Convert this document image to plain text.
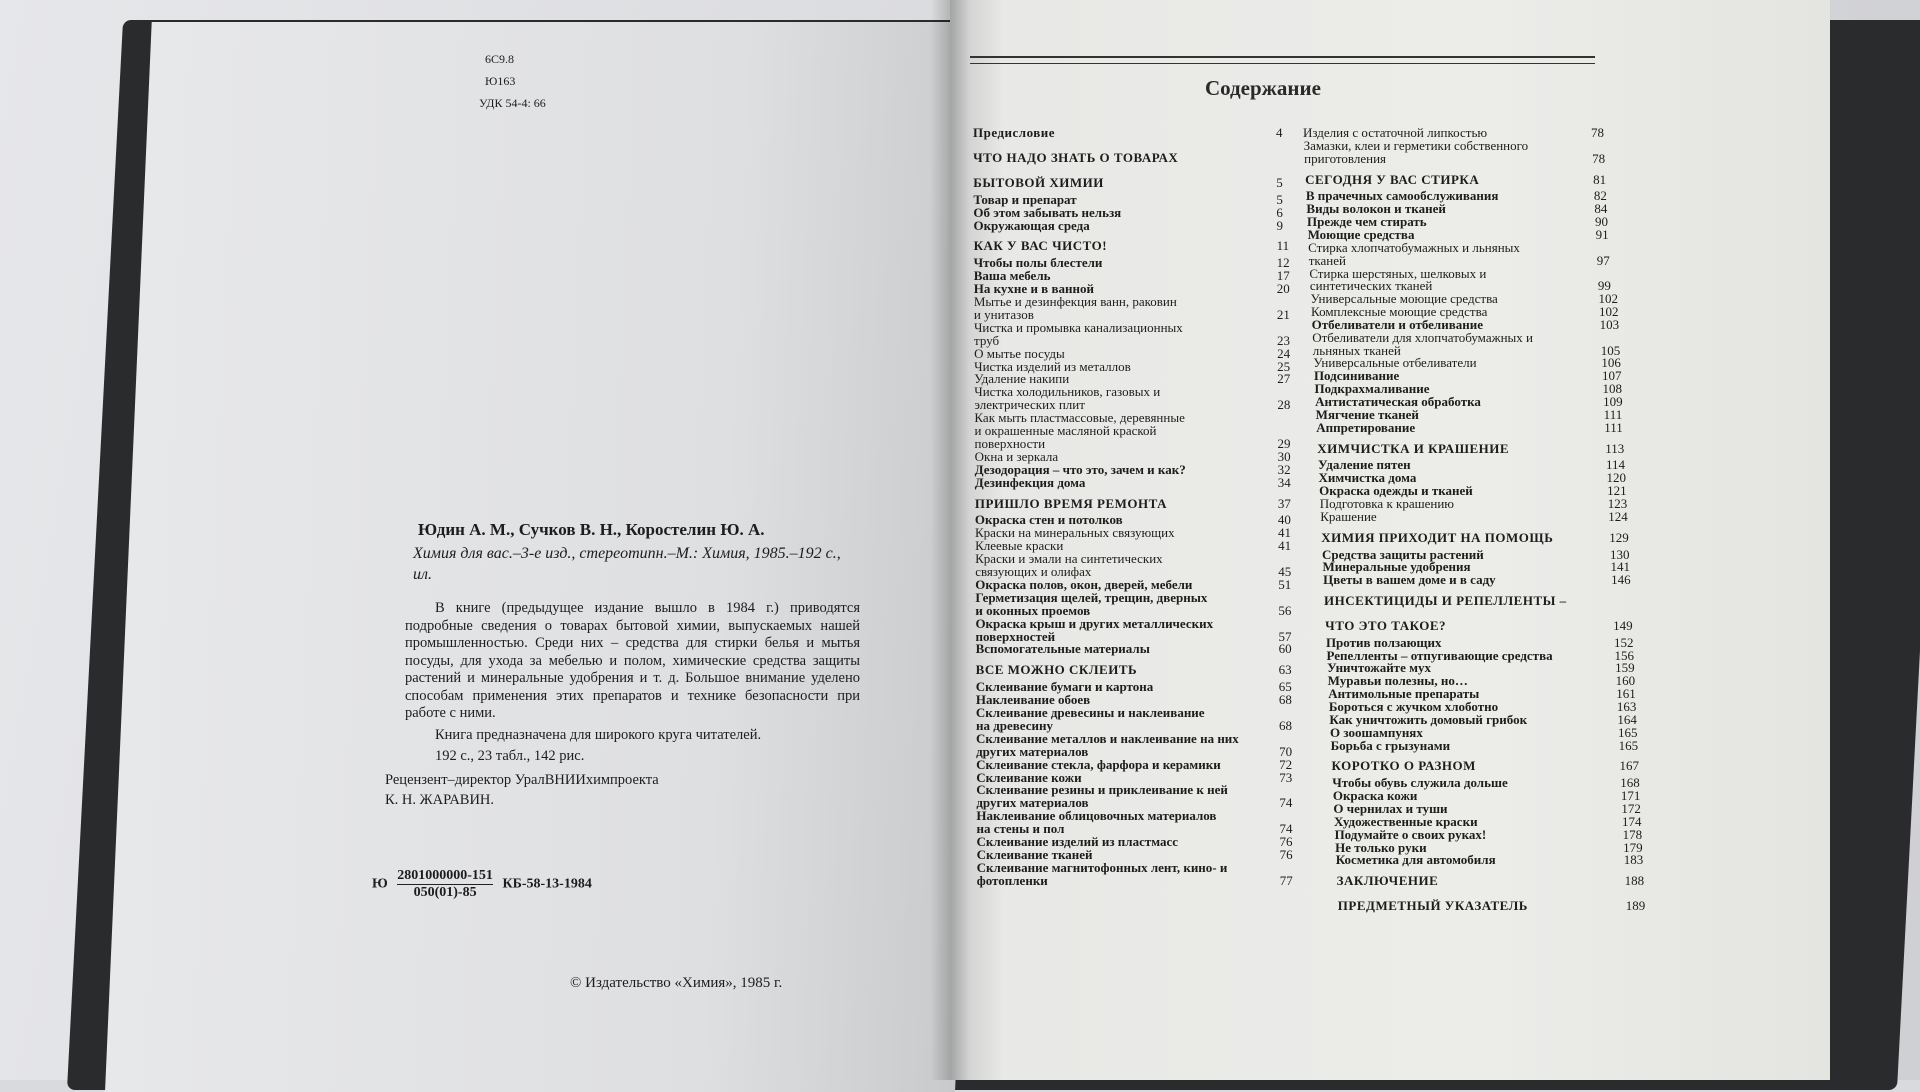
6С9.8
Ю163
УДК 54-4: 66
Юдин А. М., Сучков В. Н., Коростелин Ю. А.
Химия для вас.–3-е изд., стереотипн.–М.: Химия, 1985.–192 с., ил.

В книге (предыдущее издание вышло в 1984 г.) приводятся подробные сведения о товарах бытовой химии, выпускаемых нашей промышленностью. Среди них – средства для стирки белья и мытья посуды, для ухода за мебелью и полом, химические средства защиты растений и минеральные удобрения и т. д. Большое внимание уделено способам применения этих препаратов и технике безопасности при работе с ними.

Книга предназначена для широкого круга читателей.

192 с., 23 табл., 142 рис.

Рецензент–директор УралВНИИхимпроекта
К. Н. ЖАРАВИН.
Ю $\frac{2801000000-151}{050(01)-85} КБ-58-13-1984$
© Издательство «Химия», 1985 г.
Содержание
Предисловие	4
ЧТО НАДО ЗНАТЬ О ТОВАРАХ
БЫТОВОЙ ХИМИИ	5
Товар и препарат	5
Об этом забывать нельзя	6
Окружающая среда	9
КАК У ВАС ЧИСТО!	11
Чтобы полы блестели	12
Ваша мебель	17
На кухне и в ванной	20
Мытье и дезинфекция ванн, раковин
и унитазов	21
Чистка и промывка канализационных
труб	23
О мытье посуды	24
Чистка изделий из металлов	25
Удаление накипи	27
Чистка холодильников, газовых и
электрических плит	28
Как мыть пластмассовые, деревянные
и окрашенные масляной краской
поверхности	29
Окна и зеркала	30
Дезодорация – что это, зачем и как?	32
Дезинфекция дома	34
ПРИШЛО ВРЕМЯ РЕМОНТА	37
Окраска стен и потолков	40
Краски на минеральных связующих	41
Клеевые краски	41
Краски и эмали на синтетических
связующих и олифах	45
Окраска полов, окон, дверей, мебели	51
Герметизация щелей, трещин, дверных
и оконных проемов	56
Окраска крыш и других металлических
поверхностей	57
Вспомогательные материалы	60
ВСЕ МОЖНО СКЛЕИТЬ	63
Склеивание бумаги и картона	65
Наклеивание обоев	68
Склеивание древесины и наклеивание
на древесину	68
Склеивание металлов и наклеивание на них
других материалов	70
Склеивание стекла, фарфора и керамики	72
Склеивание кожи	73
Склеивание резины и приклеивание к ней
других материалов	74
Наклеивание облицовочных материалов
на стены и пол	74
Склеивание изделий из пластмасс	76
Склеивание тканей	76
Склеивание магнитофонных лент, кино- и
фотопленки	77
Изделия с остаточной липкостью	78
Замазки, клеи и герметики собственного
приготовления	78
СЕГОДНЯ У ВАС СТИРКА	81
В прачечных самообслуживания	82
Виды волокон и тканей	84
Прежде чем стирать	90
Моющие средства	91
Стирка хлопчатобумажных и льняных
тканей	97
Стирка шерстяных, шелковых и
синтетических тканей	99
Универсальные моющие средства	102
Комплексные моющие средства	102
Отбеливатели и отбеливание	103
Отбеливатели для хлопчатобумажных и
льняных тканей	105
Универсальные отбеливатели	106
Подсинивание	107
Подкрахмаливание	108
Антистатическая обработка	109
Мягчение тканей	111
Аппретирование	111
ХИМЧИСТКА И КРАШЕНИЕ	113
Удаление пятен	114
Химчистка дома	120
Окраска одежды и тканей	121
Подготовка к крашению	123
Крашение	124
ХИМИЯ ПРИХОДИТ НА ПОМОЩЬ	129
Средства защиты растений	130
Минеральные удобрения	141
Цветы в вашем доме и в саду	146
ИНСЕКТИЦИДЫ И РЕПЕЛЛЕНТЫ –
ЧТО ЭТО ТАКОЕ?	149
Против ползающих	152
Репелленты – отпугивающие средства	156
Уничтожайте мух	159
Муравьи полезны, но…	160
Антимольные препараты	161
Бороться с жучком хлоботно	163
Как уничтожить домовый грибок	164
О зоошампунях	165
Борьба с грызунами	165
КОРОТКО О РАЗНОМ	167
Чтобы обувь служила дольше	168
Окраска кожи	171
О чернилах и туши	172
Художественные краски	174
Подумайте о своих руках!	178
Не только руки	179
Косметика для автомобиля	183
ЗАКЛЮЧЕНИЕ	188
ПРЕДМЕТНЫЙ УКАЗАТЕЛЬ	189
